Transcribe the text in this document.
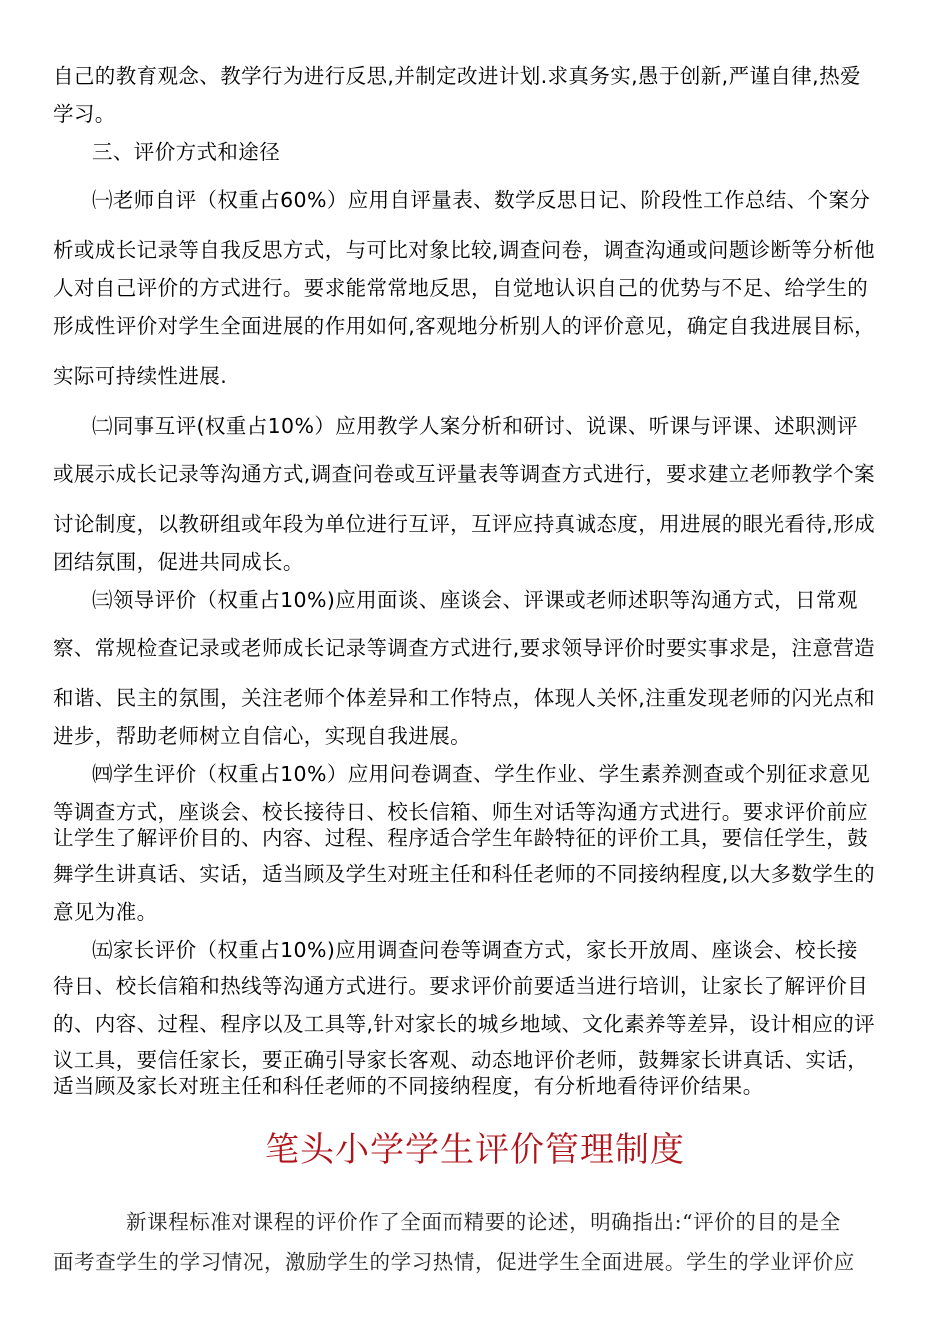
自己的教育观念、教学行为进行反思,并制定改进计划.求真务实,愚于创新,严谨自律,热爱
学习。
三、评价方式和途径
㈠老师自评（权重占60%）应用自评量表、数学反思日记、阶段性工作总结、个案分
析或成长记录等自我反思方式，与可比对象比较,调查问卷，调查沟通或问题诊断等分析他
人对自己评价的方式进行。要求能常常地反思，自觉地认识自己的优势与不足、给学生的
形成性评价对学生全面进展的作用如何,客观地分析别人的评价意见，确定自我进展目标，
实际可持续性进展.
㈡同事互评(权重占10%）应用教学人案分析和研讨、说课、听课与评课、述职测评
或展示成长记录等沟通方式,调查问卷或互评量表等调查方式进行，要求建立老师教学个案
讨论制度，以教研组或年段为单位进行互评，互评应持真诚态度，用进展的眼光看待,形成
团结氛围，促进共同成长。
㈢领导评价（权重占10%)应用面谈、座谈会、评课或老师述职等沟通方式，日常观
察、常规检查记录或老师成长记录等调查方式进行,要求领导评价时要实事求是，注意营造
和谐、民主的氛围，关注老师个体差异和工作特点，体现人关怀,注重发现老师的闪光点和
进步，帮助老师树立自信心，实现自我进展。
㈣学生评价（权重占10%）应用问卷调查、学生作业、学生素养测查或个别征求意见
等调查方式，座谈会、校长接待日、校长信箱、师生对话等沟通方式进行。要求评价前应
让学生了解评价目的、内容、过程、程序适合学生年龄特征的评价工具，要信任学生，鼓
舞学生讲真话、实话，适当顾及学生对班主任和科任老师的不同接纳程度,以大多数学生的
意见为准。
㈤家长评价（权重占10%)应用调查问卷等调查方式，家长开放周、座谈会、校长接
待日、校长信箱和热线等沟通方式进行。要求评价前要适当进行培训，让家长了解评价目
的、内容、过程、程序以及工具等,针对家长的城乡地域、文化素养等差异，设计相应的评
议工具，要信任家长，要正确引导家长客观、动态地评价老师，鼓舞家长讲真话、实话，
适当顾及家长对班主任和科任老师的不同接纳程度，有分析地看待评价结果。
笔头小学学生评价管理制度
新课程标准对课程的评价作了全面而精要的论述，明确指出:“评价的目的是全
面考查学生的学习情况，激励学生的学习热情，促进学生全面进展。学生的学业评价应
